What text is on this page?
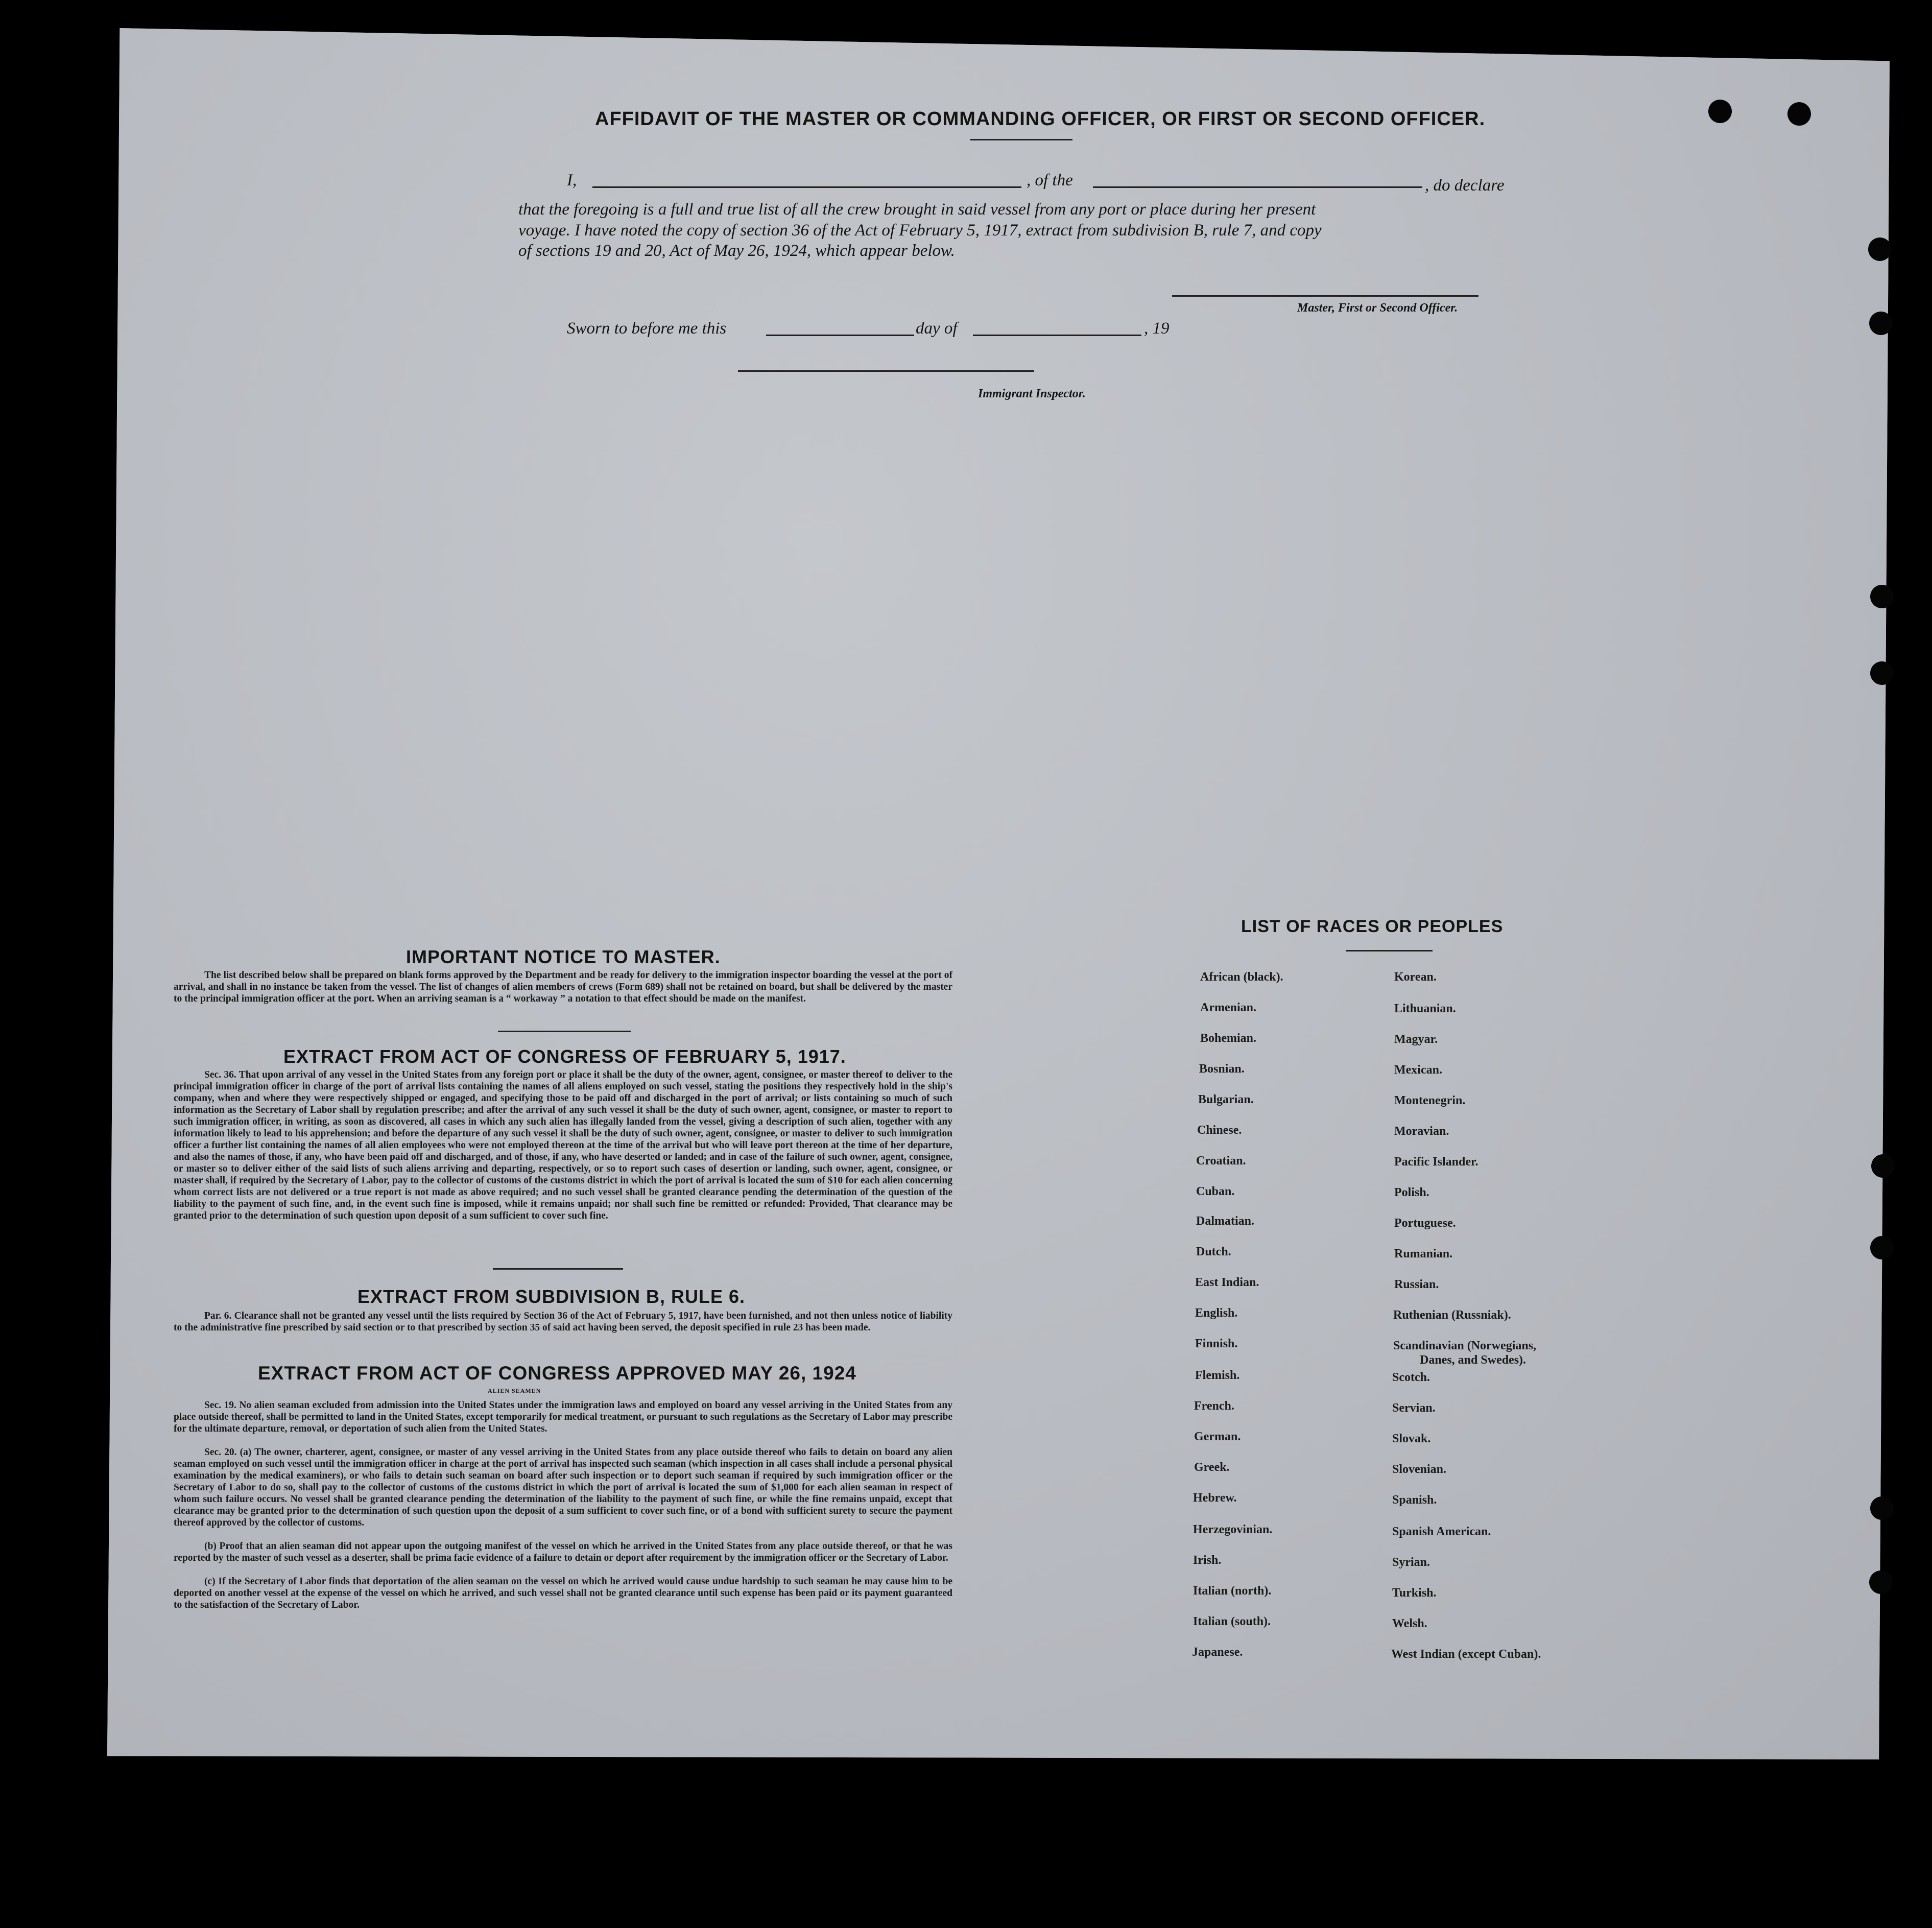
AFFIDAVIT OF THE MASTER OR COMMANDING OFFICER, OR FIRST OR SECOND OFFICER.
I,	, of the	, do declare
that the foregoing is a full and true list of all the crew brought in said vessel from any port or place during her present
voyage. I have noted the copy of section 36 of the Act of February 5, 1917, extract from subdivision B, rule 7, and copy
of sections 19 and 20, Act of May 26, 1924, which appear below.
Master, First or Second Officer.
Sworn to before me this	day of	, 19
Immigrant Inspector.
IMPORTANT NOTICE TO MASTER.
The list described below shall be prepared on blank forms approved by the Department and be ready for delivery to the immigration inspector boarding the vessel at the port of arrival, and shall in no instance be taken from the vessel. The list of changes of alien members of crews (Form 689) shall not be retained on board, but shall be delivered by the master to the principal immigration officer at the port. When an arriving seaman is a “ workaway ” a notation to that effect should be made on the manifest.
EXTRACT FROM ACT OF CONGRESS OF FEBRUARY 5, 1917.
Sec. 36. That upon arrival of any vessel in the United States from any foreign port or place it shall be the duty of the owner, agent, consignee, or master thereof to deliver to the principal immigration officer in charge of the port of arrival lists containing the names of all aliens employed on such vessel, stating the positions they respectively hold in the ship's company, when and where they were respectively shipped or engaged, and specifying those to be paid off and discharged in the port of arrival; or lists containing so much of such information as the Secretary of Labor shall by regulation prescribe; and after the arrival of any such vessel it shall be the duty of such owner, agent, consignee, or master to report to such immigration officer, in writing, as soon as discovered, all cases in which any such alien has illegally landed from the vessel, giving a description of such alien, together with any information likely to lead to his apprehension; and before the departure of any such vessel it shall be the duty of such owner, agent, consignee, or master to deliver to such immigration officer a further list containing the names of all alien employees who were not employed thereon at the time of the arrival but who will leave port thereon at the time of her departure, and also the names of those, if any, who have been paid off and discharged, and of those, if any, who have deserted or landed; and in case of the failure of such owner, agent, consignee, or master so to deliver either of the said lists of such aliens arriving and departing, respectively, or so to report such cases of desertion or landing, such owner, agent, consignee, or master shall, if required by the Secretary of Labor, pay to the collector of customs of the customs district in which the port of arrival is located the sum of $10 for each alien concerning whom correct lists are not delivered or a true report is not made as above required; and no such vessel shall be granted clearance pending the determination of the question of the liability to the payment of such fine, and, in the event such fine is imposed, while it remains unpaid; nor shall such fine be remitted or refunded: Provided, That clearance may be granted prior to the determination of such question upon deposit of a sum sufficient to cover such fine.
EXTRACT FROM SUBDIVISION B, RULE 6.
Par. 6. Clearance shall not be granted any vessel until the lists required by Section 36 of the Act of February 5, 1917, have been furnished, and not then unless notice of liability to the administrative fine prescribed by said section or to that prescribed by section 35 of said act having been served, the deposit specified in rule 23 has been made.
EXTRACT FROM ACT OF CONGRESS APPROVED MAY 26, 1924
ALIEN SEAMEN
Sec. 19. No alien seaman excluded from admission into the United States under the immigration laws and employed on board any vessel arriving in the United States from any place outside thereof, shall be permitted to land in the United States, except temporarily for medical treatment, or pursuant to such regulations as the Secretary of Labor may prescribe for the ultimate departure, removal, or deportation of such alien from the United States.
Sec. 20. (a) The owner, charterer, agent, consignee, or master of any vessel arriving in the United States from any place outside thereof who fails to detain on board any alien seaman employed on such vessel until the immigration officer in charge at the port of arrival has inspected such seaman (which inspection in all cases shall include a personal physical examination by the medical examiners), or who fails to detain such seaman on board after such inspection or to deport such seaman if required by such immigration officer or the Secretary of Labor to do so, shall pay to the collector of customs of the customs district in which the port of arrival is located the sum of $1,000 for each alien seaman in respect of whom such failure occurs. No vessel shall be granted clearance pending the determination of the liability to the payment of such fine, or while the fine remains unpaid, except that clearance may be granted prior to the determination of such question upon the deposit of a sum sufficient to cover such fine, or of a bond with sufficient surety to secure the payment thereof approved by the collector of customs.
(b) Proof that an alien seaman did not appear upon the outgoing manifest of the vessel on which he arrived in the United States from any place outside thereof, or that he was reported by the master of such vessel as a deserter, shall be prima facie evidence of a failure to detain or deport after requirement by the immigration officer or the Secretary of Labor.
(c) If the Secretary of Labor finds that deportation of the alien seaman on the vessel on which he arrived would cause undue hardship to such seaman he may cause him to be deported on another vessel at the expense of the vessel on which he arrived, and such vessel shall not be granted clearance until such expense has been paid or its payment guaranteed to the satisfaction of the Secretary of Labor.
LIST OF RACES OR PEOPLES
African (black).
Armenian.
Bohemian.
Bosnian.
Bulgarian.
Chinese.
Croatian.
Cuban.
Dalmatian.
Dutch.
East Indian.
English.
Finnish.
Flemish.
French.
German.
Greek.
Hebrew.
Herzegovinian.
Irish.
Italian (north).
Italian (south).
Japanese.
Korean.
Lithuanian.
Magyar.
Mexican.
Montenegrin.
Moravian.
Pacific Islander.
Polish.
Portuguese.
Rumanian.
Russian.
Ruthenian (Russniak).
Scandinavian (Norwegians,
Danes, and Swedes).
Scotch.
Servian.
Slovak.
Slovenian.
Spanish.
Spanish American.
Syrian.
Turkish.
Welsh.
West Indian (except Cuban).
